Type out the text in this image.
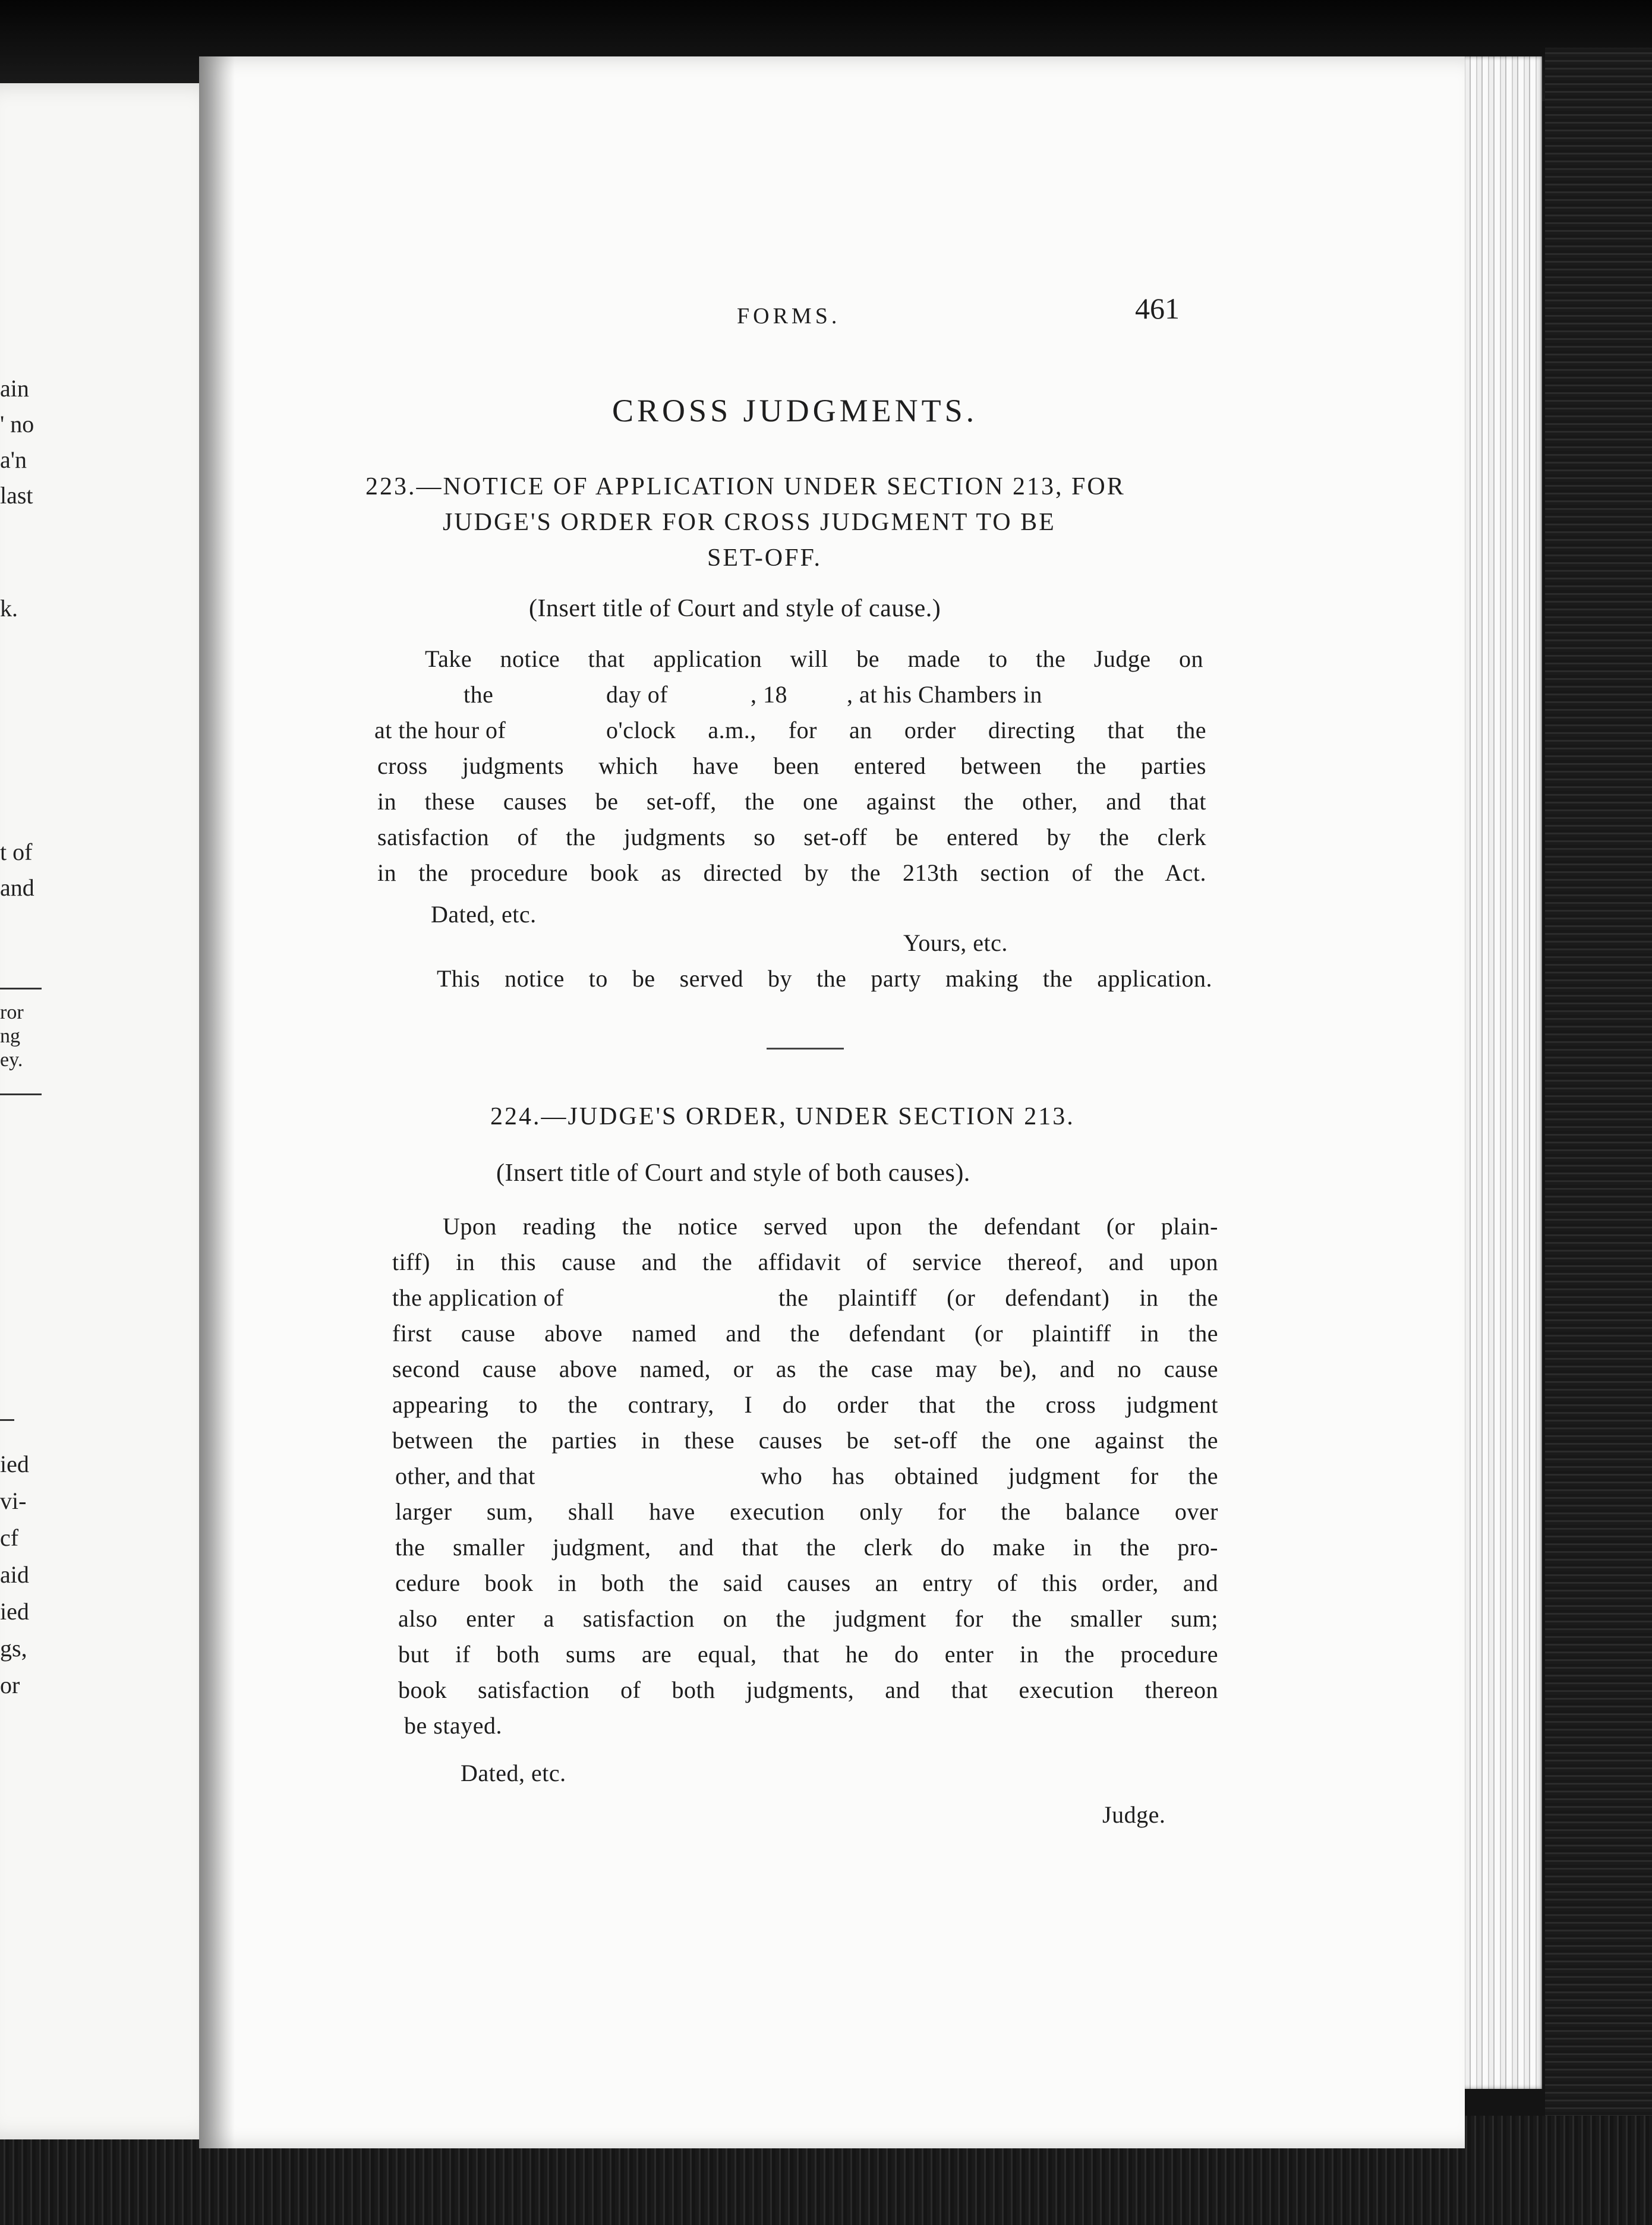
ain
' no
a'n
last
k.
t of
and
ror
ng
ey.
ied
vi-
cf
aid
ied
gs,
or
FORMS.	461
CROSS JUDGMENTS.
223.—NOTICE OF APPLICATION UNDER SECTION 213, FOR
JUDGE'S ORDER FOR CROSS JUDGMENT TO BE
SET-OFF.
(Insert title of Court and style of cause.)
Take notice that application will be made to the Judge on
the	day of	, 18	, at his Chambers in
at the hour of	o'clock a.m., for an order directing that the
cross judgments which have been entered between the parties
in these causes be set-off, the one against the other, and that
satisfaction of the judgments so set-off be entered by the clerk
in the procedure book as directed by the 213th section of the Act.
Dated, etc.
Yours, etc.
This notice to be served by the party making the application.
224.—JUDGE'S ORDER, UNDER SECTION 213.
(Insert title of Court and style of both causes).
Upon reading the notice served upon the defendant (or plain-
tiff) in this cause and the affidavit of service thereof, and upon
the application of	the plaintiff (or defendant) in the
first cause above named and the defendant (or plaintiff in the
second cause above named, or as the case may be), and no cause
appearing to the contrary, I do order that the cross judgment
between the parties in these causes be set-off the one against the
other, and that	who has obtained judgment for the
larger sum, shall have execution only for the balance over
the smaller judgment, and that the clerk do make in the pro-
cedure book in both the said causes an entry of this order, and
also enter a satisfaction on the judgment for the smaller sum;
but if both sums are equal, that he do enter in the procedure
book satisfaction of both judgments, and that execution thereon
be stayed.
Dated, etc.
Judge.
